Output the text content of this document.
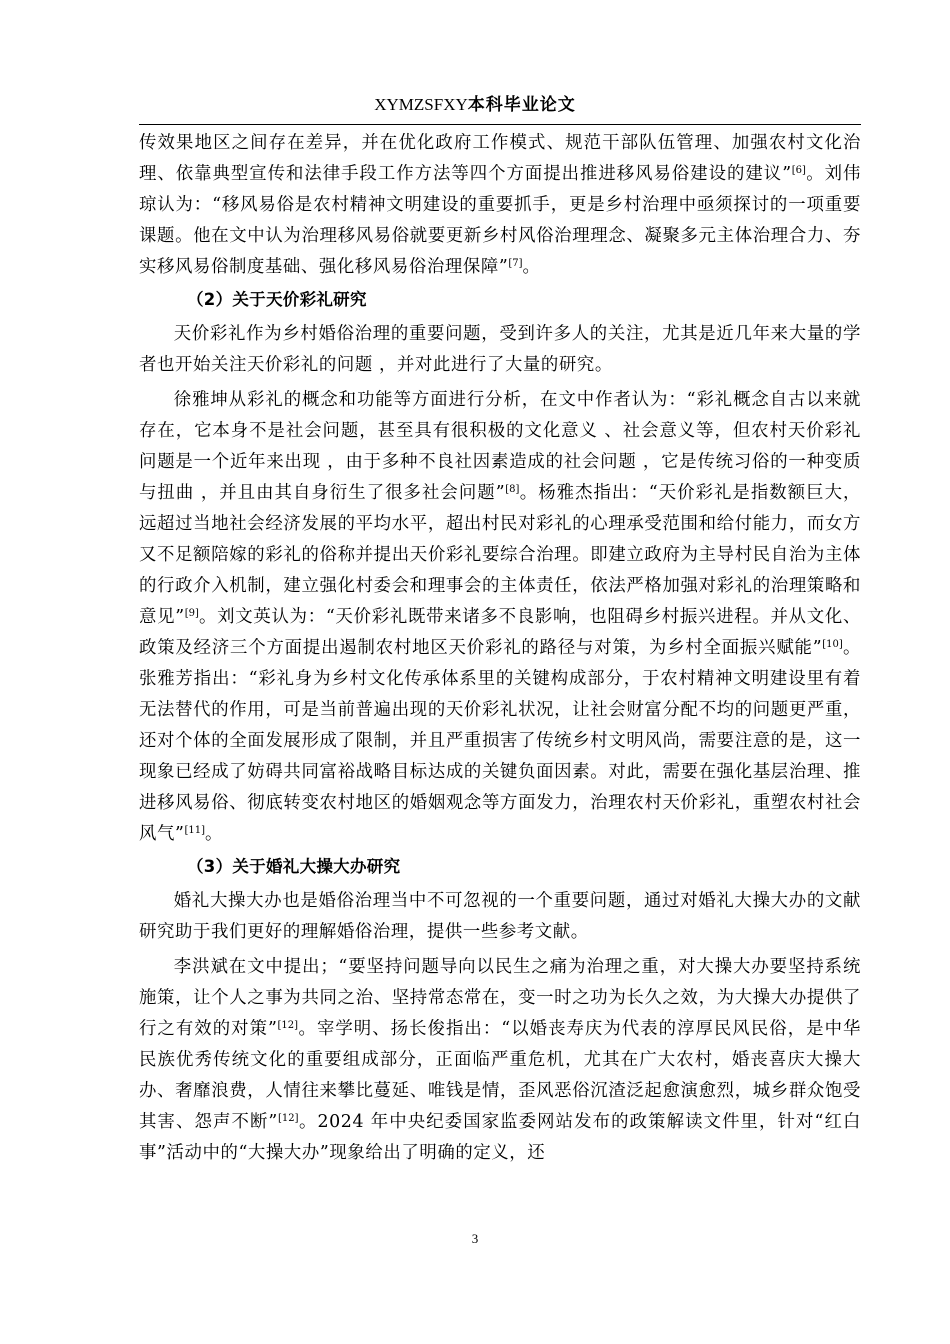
XYMZSFXY本科毕业论文

传效果地区之间存在差异，并在优化政府工作模式、规范干部队伍管理、加强农村文化治理、依靠典型宣传和法律手段工作方法等四个方面提出推进移风易俗建设的建议”[6]。刘伟琼认为：“移风易俗是农村精神文明建设的重要抓手，更是乡村治理中亟须探讨的一项重要课题。他在文中认为治理移风易俗就要更新乡村风俗治理理念、凝聚多元主体治理合力、夯实移风易俗制度基础、强化移风易俗治理保障”[7]。

（2）关于天价彩礼研究

天价彩礼作为乡村婚俗治理的重要问题，受到许多人的关注，尤其是近几年来大量的学者也开始关注天价彩礼的问题 ，并对此进行了大量的研究。

徐雅坤从彩礼的概念和功能等方面进行分析，在文中作者认为：“彩礼概念自古以来就存在，它本身不是社会问题，甚至具有很积极的文化意义 、社会意义等，但农村天价彩礼问题是一个近年来出现 ，由于多种不良社因素造成的社会问题 ，它是传统习俗的一种变质与扭曲 ，并且由其自身衍生了很多社会问题”[8]。杨雅杰指出：“天价彩礼是指数额巨大，远超过当地社会经济发展的平均水平，超出村民对彩礼的心理承受范围和给付能力，而女方又不足额陪嫁的彩礼的俗称并提出天价彩礼要综合治理。即建立政府为主导村民自治为主体的行政介入机制，建立强化村委会和理事会的主体责任，依法严格加强对彩礼的治理策略和意见”[9]。刘文英认为：“天价彩礼既带来诸多不良影响，也阻碍乡村振兴进程。并从文化、政策及经济三个方面提出遏制农村地区天价彩礼的路径与对策，为乡村全面振兴赋能”[10]。张雅芳指出：“彩礼身为乡村文化传承体系里的关键构成部分，于农村精神文明建设里有着无法替代的作用，可是当前普遍出现的天价彩礼状况，让社会财富分配不均的问题更严重，还对个体的全面发展形成了限制，并且严重损害了传统乡村文明风尚，需要注意的是，这一现象已经成了妨碍共同富裕战略目标达成的关键负面因素。对此，需要在强化基层治理、推进移风易俗、彻底转变农村地区的婚姻观念等方面发力，治理农村天价彩礼，重塑农村社会风气”[11]。

（3）关于婚礼大操大办研究

婚礼大操大办也是婚俗治理当中不可忽视的一个重要问题，通过对婚礼大操大办的文献研究助于我们更好的理解婚俗治理，提供一些参考文献。

李洪斌在文中提出；“要坚持问题导向以民生之痛为治理之重，对大操大办要坚持系统施策，让个人之事为共同之治、坚持常态常在，变一时之功为长久之效，为大操大办提供了行之有效的对策”[12]。宰学明、扬长俊指出：“以婚丧寿庆为代表的淳厚民风民俗，是中华民族优秀传统文化的重要组成部分，正面临严重危机，尤其在广大农村，婚丧喜庆大操大办、奢靡浪费，人情往来攀比蔓延、唯钱是情，歪风恶俗沉渣泛起愈演愈烈，城乡群众饱受其害、怨声不断”[12]。2024 年中央纪委国家监委网站发布的政策解读文件里，针对“红白事”活动中的“大操大办”现象给出了明确的定义，还

3
